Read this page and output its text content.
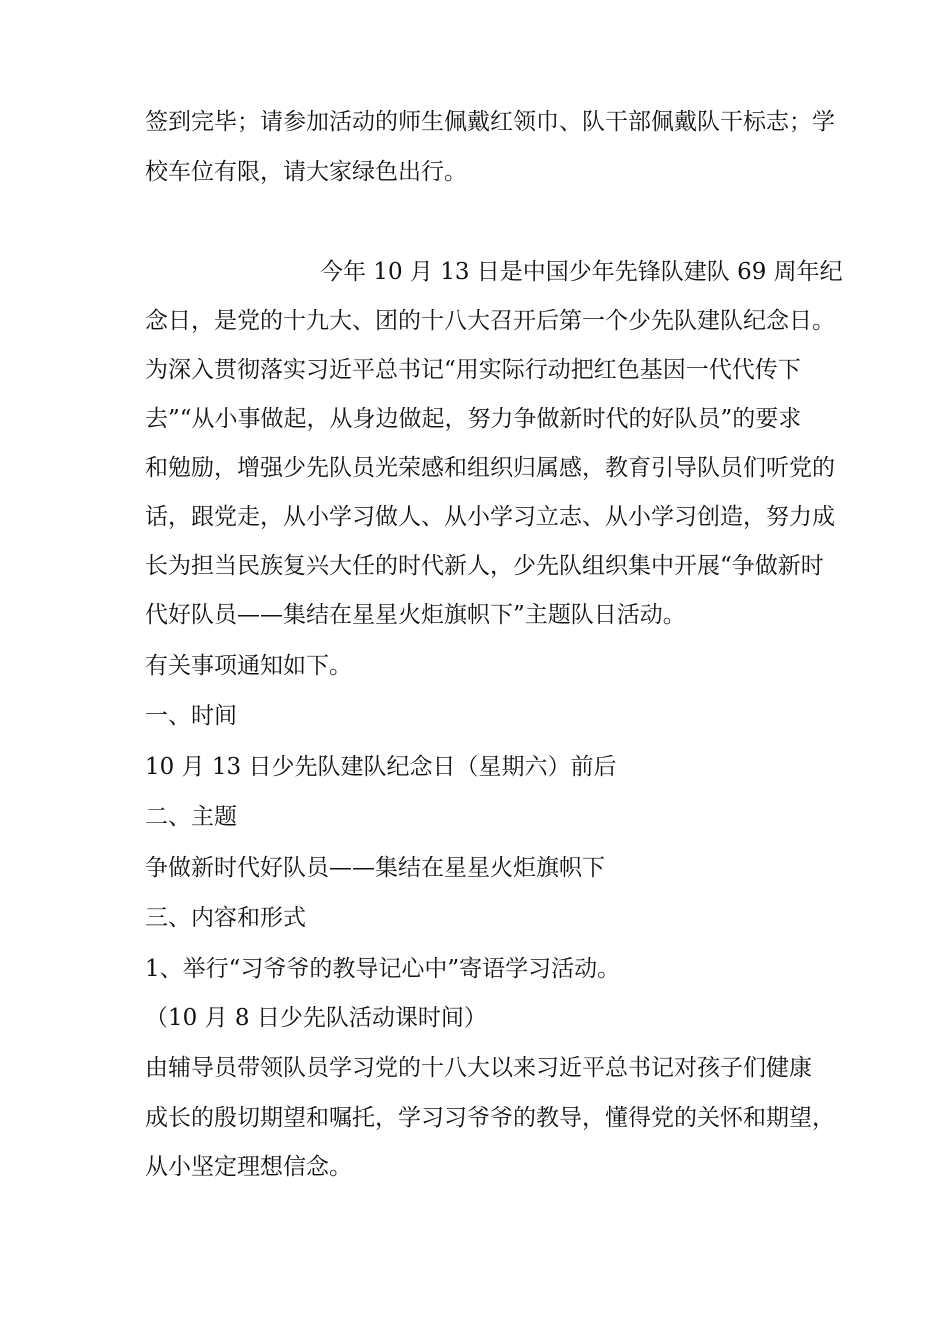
签到完毕；请参加活动的师生佩戴红领巾、队干部佩戴队干标志；学
校车位有限，请大家绿色出行。
今年 10 月 13 日是中国少年先锋队建队 69 周年纪
念日，是党的十九大、团的十八大召开后第一个少先队建队纪念日。
为深入贯彻落实习近平总书记“用实际行动把红色基因一代代传下
去”“从小事做起，从身边做起，努力争做新时代的好队员”的要求
和勉励，增强少先队员光荣感和组织归属感，教育引导队员们听党的
话，跟党走，从小学习做人、从小学习立志、从小学习创造，努力成
长为担当民族复兴大任的时代新人，少先队组织集中开展“争做新时
代好队员——集结在星星火炬旗帜下”主题队日活动。
有关事项通知如下。
一、时间
10 月 13 日少先队建队纪念日（星期六）前后
二、主题
争做新时代好队员——集结在星星火炬旗帜下
三、内容和形式
1、举行“习爷爷的教导记心中”寄语学习活动。
（10 月 8 日少先队活动课时间）
由辅导员带领队员学习党的十八大以来习近平总书记对孩子们健康
成长的殷切期望和嘱托，学习习爷爷的教导，懂得党的关怀和期望，
从小坚定理想信念。
